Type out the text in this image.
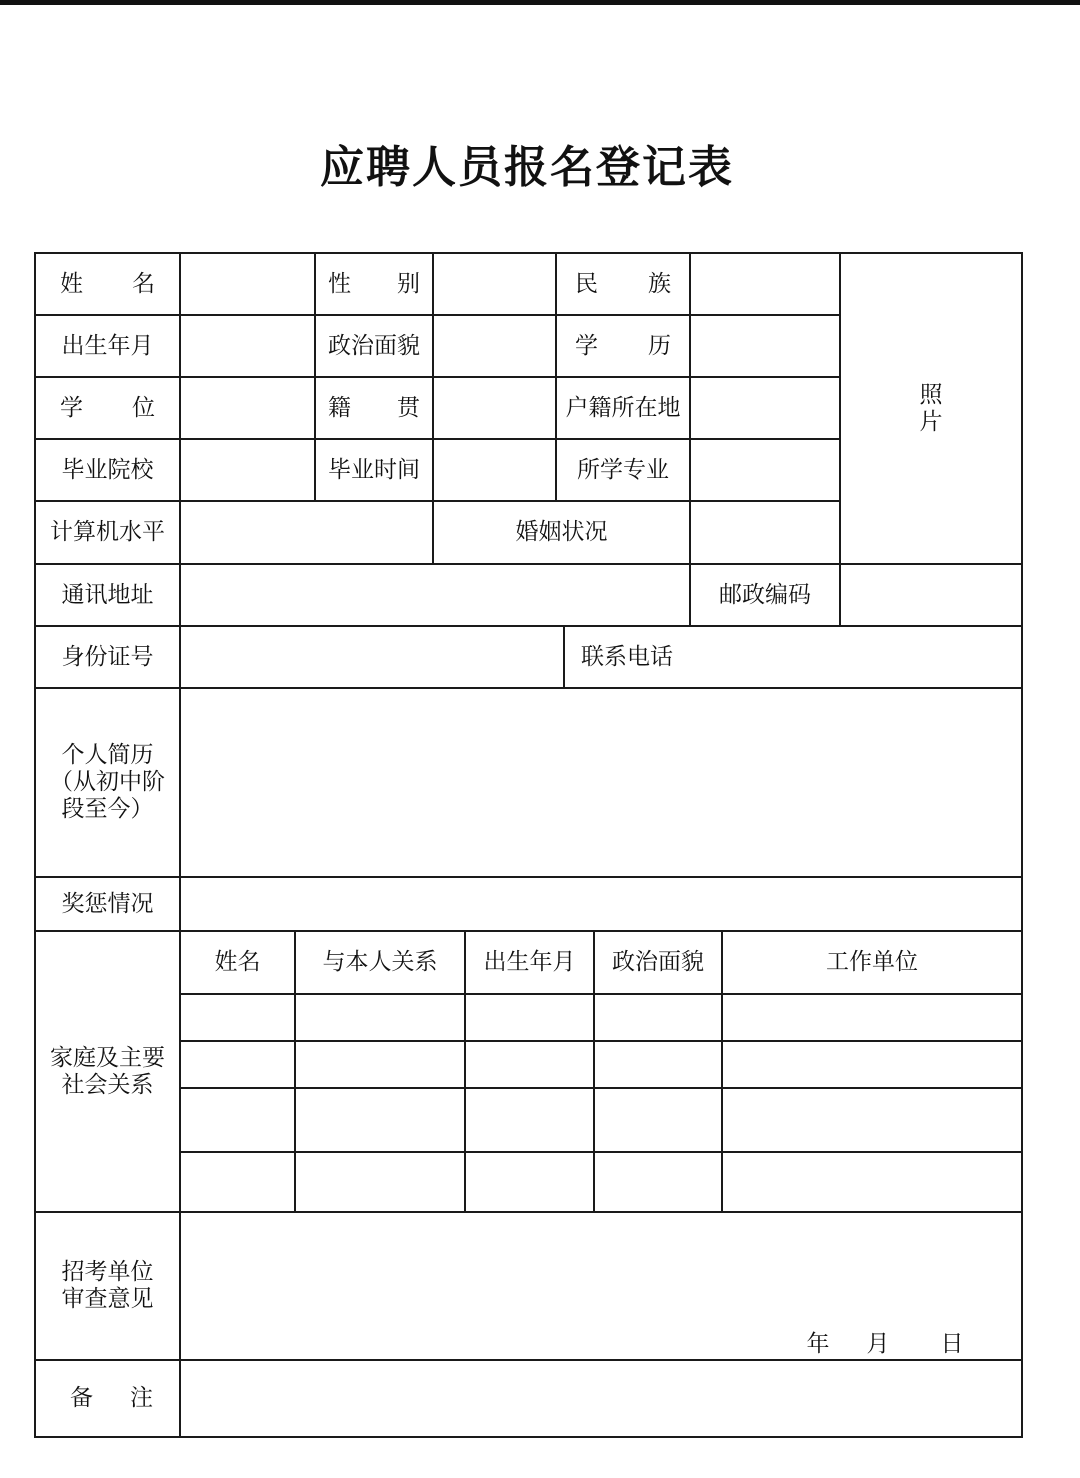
应聘人员报名登记表
姓 名	性 别	民 族
出生年月	政治面貌	学 历
学 位	籍 贯	户籍所在地
毕业院校	毕业时间	所学专业
照
片
计算机水平	婚姻状况
通讯地址	邮政编码
身份证号	联系电话
个人简历
（从初中阶
段至今）
奖惩情况
家庭及主要
社会关系
姓名	与本人关系	出生年月	政治面貌	工作单位
招考单位
审查意见
年	月	日
备 注
